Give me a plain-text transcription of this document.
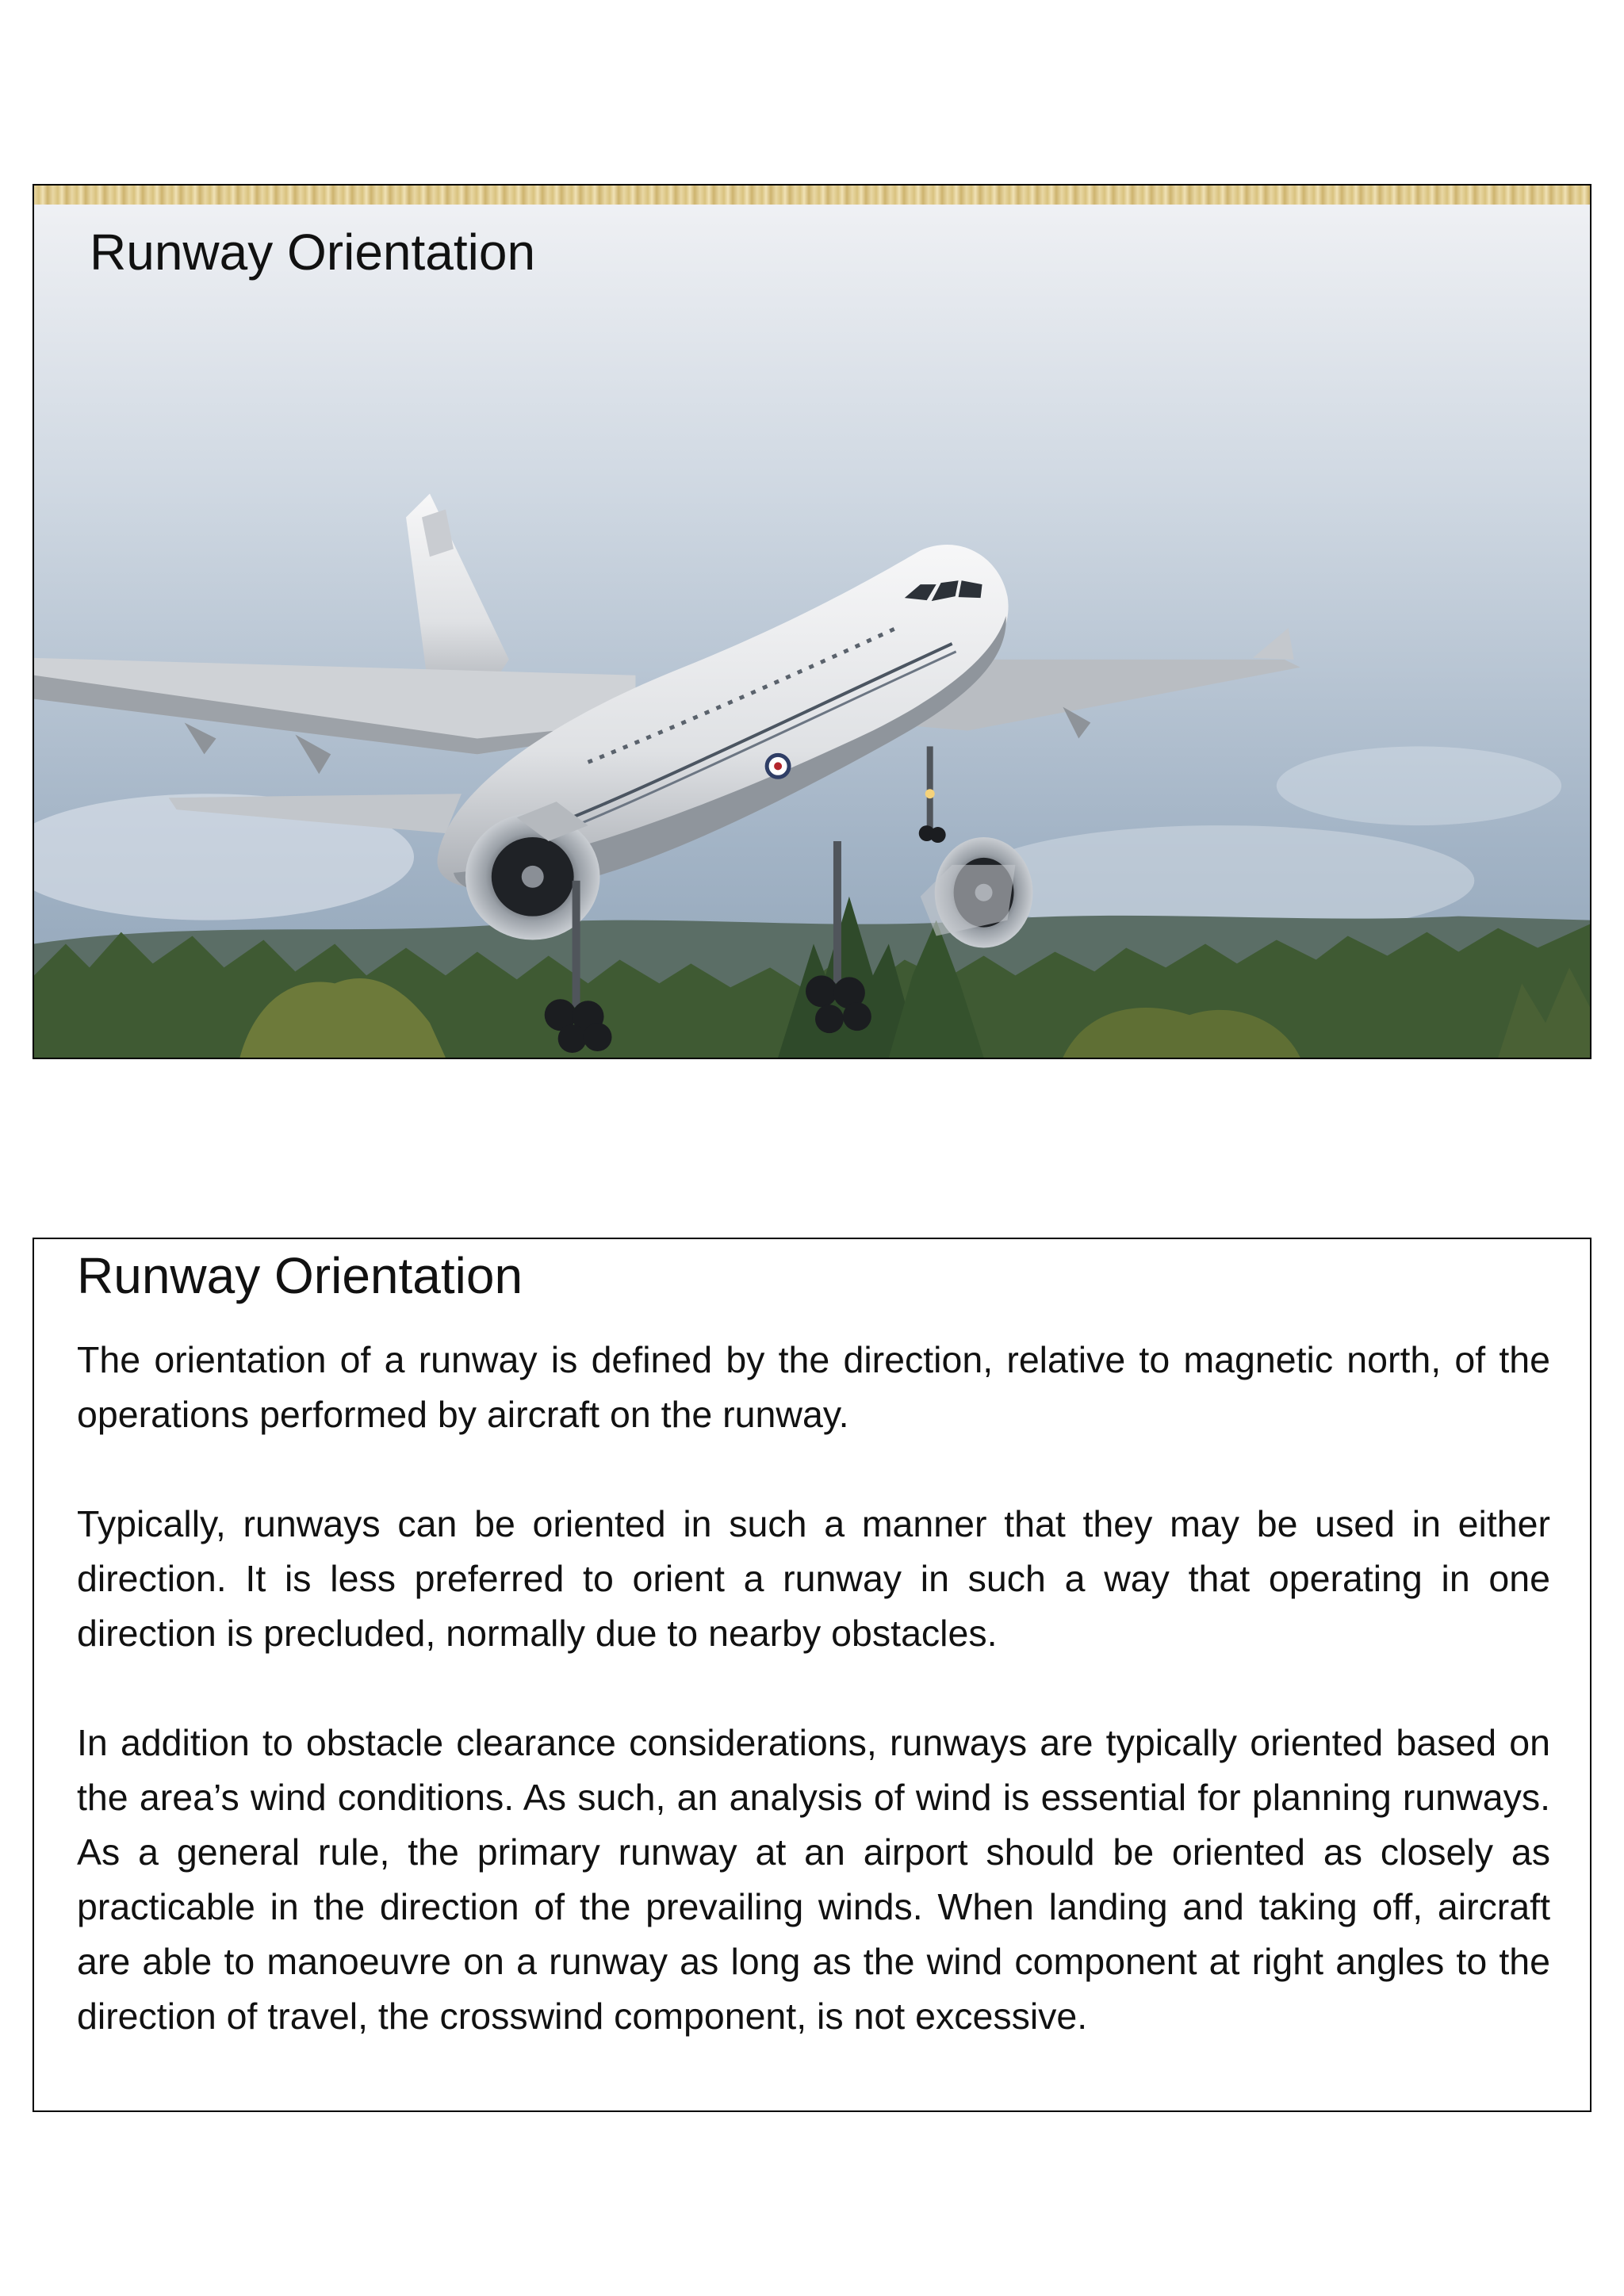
Runway Orientation
Runway Orientation

The orientation of a runway is defined by the direction, relative to magnetic north, of the operations performed by aircraft on the runway.

Typically, runways can be oriented in such a manner that they may be used in either direction. It is less preferred to orient a runway in such a way that operating in one direction is precluded, normally due to nearby obstacles.

In addition to obstacle clearance considerations, runways are typically oriented based on the area’s wind conditions. As such, an analysis of wind is essential for planning runways. As a general rule, the primary runway at an airport should be oriented as closely as practicable in the direction of the prevailing winds. When landing and taking off, aircraft are able to manoeuvre on a runway as long as the wind component at right angles to the direction of travel, the crosswind component, is not excessive.
